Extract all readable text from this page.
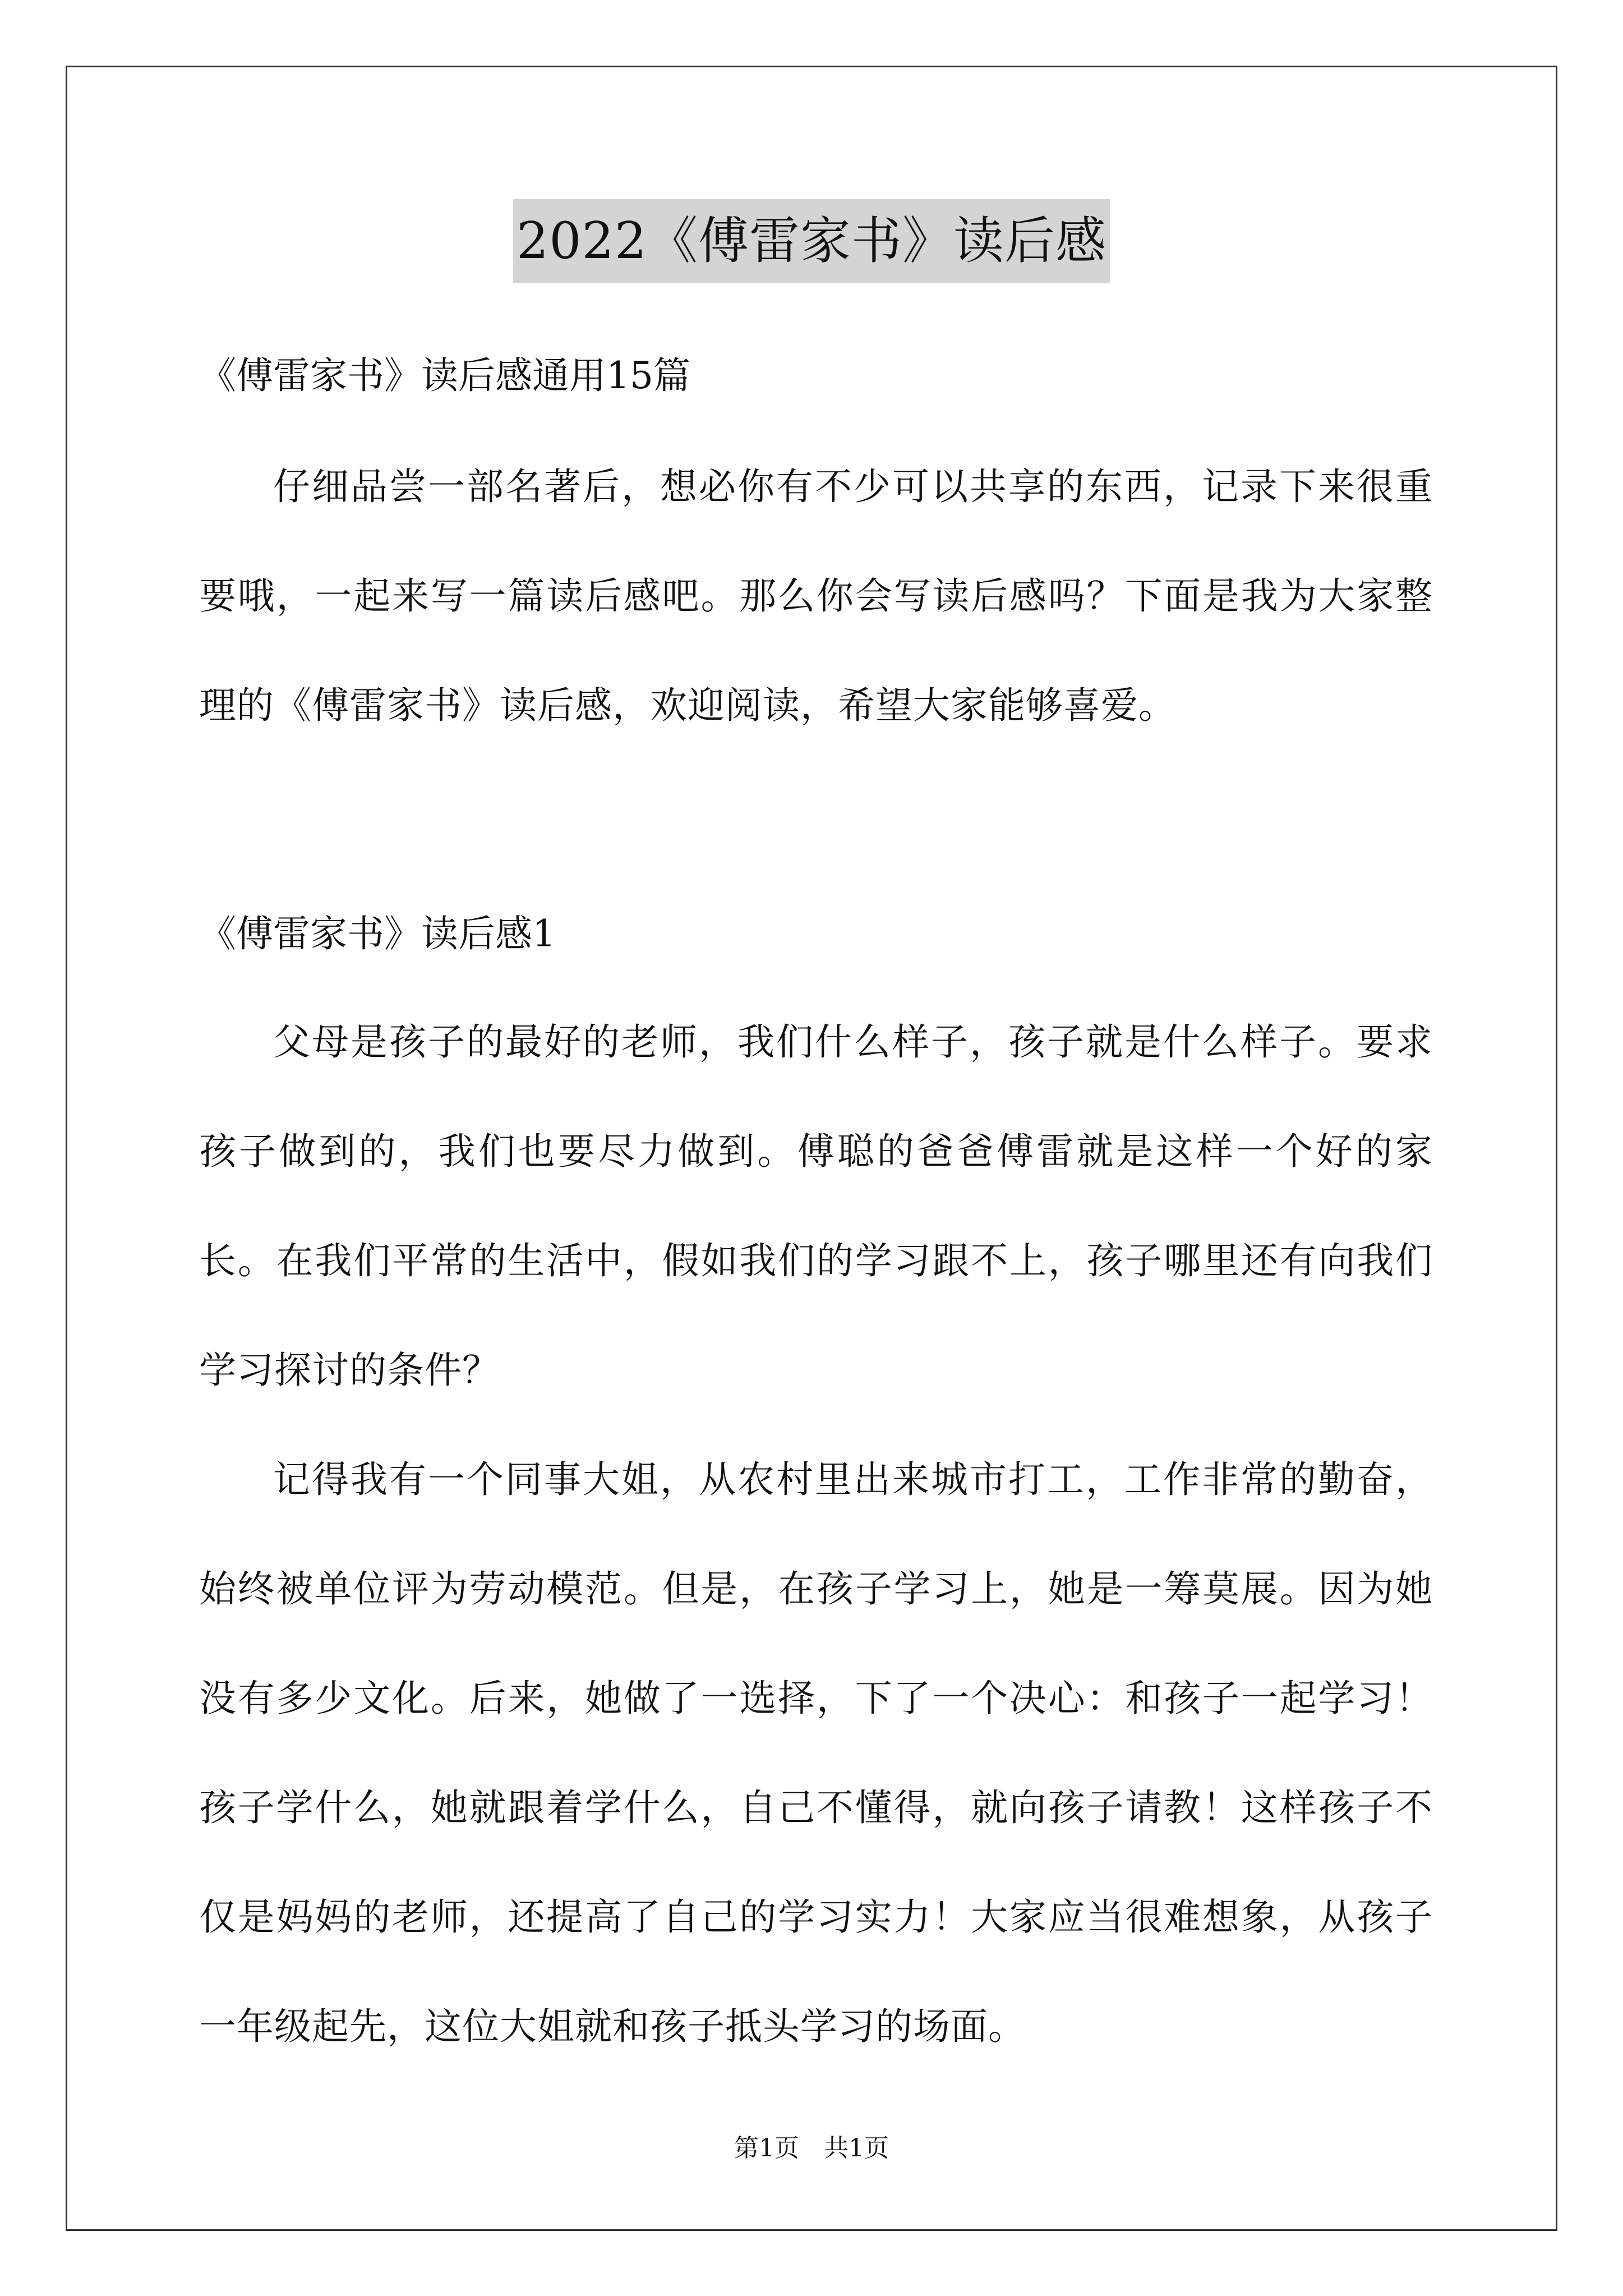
2022《傅雷家书》读后感

《傅雷家书》读后感通用15篇

仔细品尝一部名著后，想必你有不少可以共享的东西，记录下来很重要哦，一起来写一篇读后感吧。那么你会写读后感吗？下面是我为大家整理的《傅雷家书》读后感，欢迎阅读，希望大家能够喜爱。

《傅雷家书》读后感1

父母是孩子的最好的老师，我们什么样子，孩子就是什么样子。要求孩子做到的，我们也要尽力做到。傅聪的爸爸傅雷就是这样一个好的家长。在我们平常的生活中，假如我们的学习跟不上，孩子哪里还有向我们学习探讨的条件？

记得我有一个同事大姐，从农村里出来城市打工，工作非常的勤奋，始终被单位评为劳动模范。但是，在孩子学习上，她是一筹莫展。因为她没有多少文化。后来，她做了一选择，下了一个决心：和孩子一起学习！孩子学什么，她就跟着学什么，自己不懂得，就向孩子请教！这样孩子不仅是妈妈的老师，还提高了自己的学习实力！大家应当很难想象，从孩子一年级起先，这位大姐就和孩子抵头学习的场面。

第1页　共1页
